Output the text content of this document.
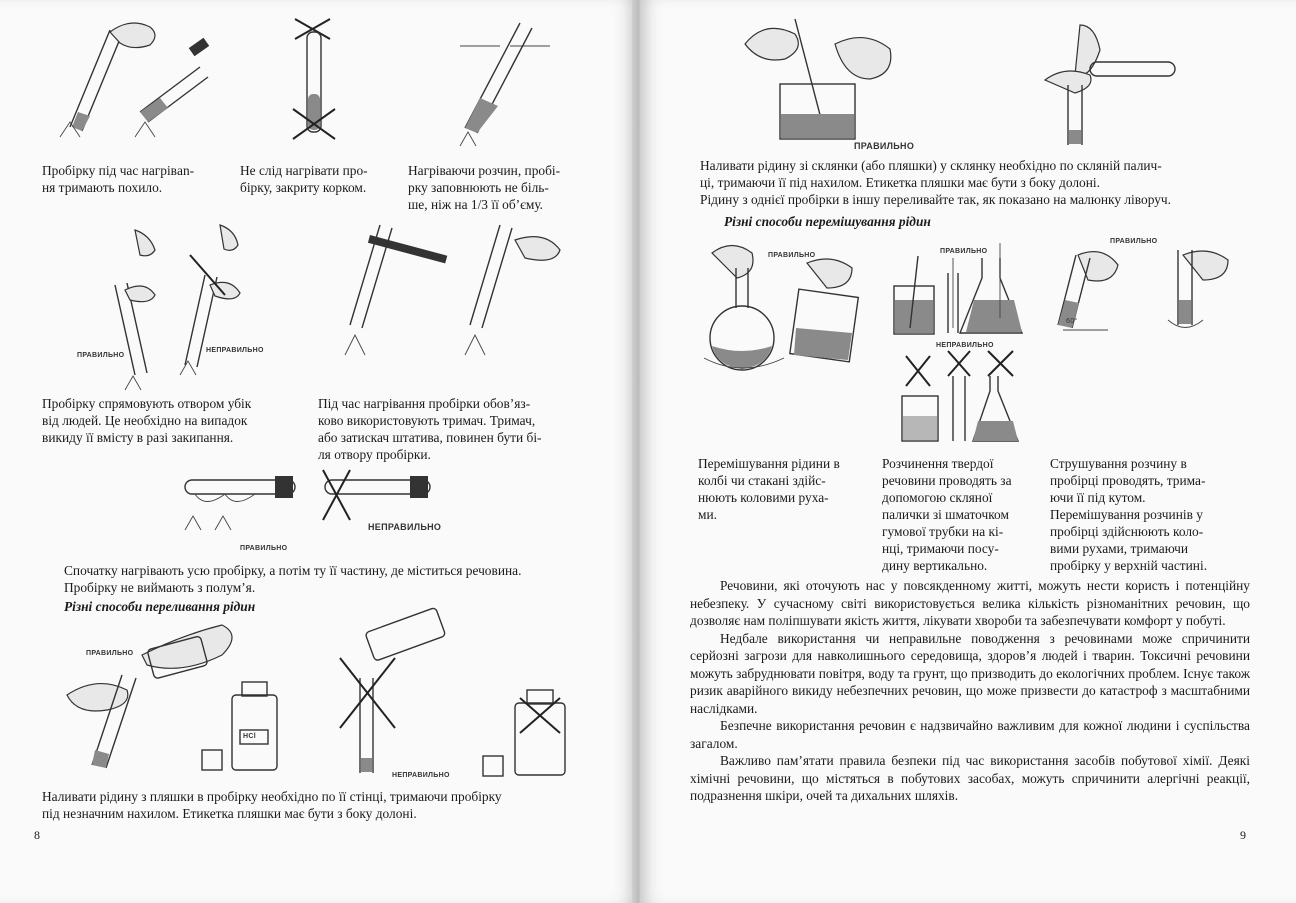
Пробірку під час нагрівan-
ня тримають похило.
Не слід нагрівати про-
бірку, закриту корком.
Нагріваючи розчин, пробі-
рку заповнюють не біль-
ше, ніж на 1/3 її об’єму.
ПРАВИЛЬНО
НЕПРАВИЛЬНО
Пробірку спрямовують отвором убік
від людей. Це необхідно на випадок
викиду її вмісту в разі закипання.
Під час нагрівання пробірки обов’яз-
ково використовують тримач. Тримач,
або затискач штатива, повинен бути бі-
ля отвору пробірки.
ПРАВИЛЬНО
НЕПРАВИЛЬНО
Спочатку нагрівають усю пробірку, а потім ту її частину, де міститься речовина.
Пробірку не виймають з полум’я.
Різні способи переливання рідин
ПРАВИЛЬНО
HCl
НЕПРАВИЛЬНО
Наливати рідину з пляшки в пробірку необхідно по її стінці, тримаючи пробірку
під незначним нахилом. Етикетка пляшки має бути з боку долоні.
8
ПРАВИЛЬНО
Наливати рідину зі склянки (або пляшки) у склянку необхідно по скляній палич-
ці, тримаючи її під нахилом. Етикетка пляшки має бути з боку долоні.
Рідину з однієї пробірки в іншу переливайте так, як показано на малюнку ліворуч.
Різні способи перемішування рідин
ПРАВИЛЬНО
ПРАВИЛЬНО
НЕПРАВИЛЬНО
ПРАВИЛЬНО
60°
Перемішування рідини в
колбі чи стакані здійс-
нюють коловими руха-
ми.
Розчинення твердої
речовини проводять за
допомогою скляної
палички зі шматочком
гумової трубки на кі-
нці, тримаючи посу-
дину вертикально.
Струшування розчину в
пробірці проводять, трима-
ючи її під кутом.
Перемішування розчинів у
пробірці здійснюють коло-
вими рухами, тримаючи
пробірку у верхній частині.

Речовини, які оточують нас у повсякденному житті, можуть нести користь і потенційну небезпеку. У сучасному світі використовується велика кількість різноманітних речовин, що дозволяє нам поліпшувати якість життя, лікувати хвороби та забезпечувати комфорт у побуті.

Недбале використання чи неправильне поводження з речовинами може спричинити серйозні загрози для навколишнього середовища, здоров’я людей і тварин. Токсичні речовини можуть забруднювати повітря, воду та грунт, що призводить до екологічних проблем. Існує також ризик аварійного викиду небезпечних речовин, що може призвести до катастроф з масштабними наслідками.

Безпечне використання речовин є надзвичайно важливим для кожної людини і суспільства загалом.

Важливо пам’ятати правила безпеки під час використання засобів побутової хімії. Деякі хімічні речовини, що містяться в побутових засобах, можуть спричинити алергічні реакції, подразнення шкіри, очей та дихальних шляхів.

9
